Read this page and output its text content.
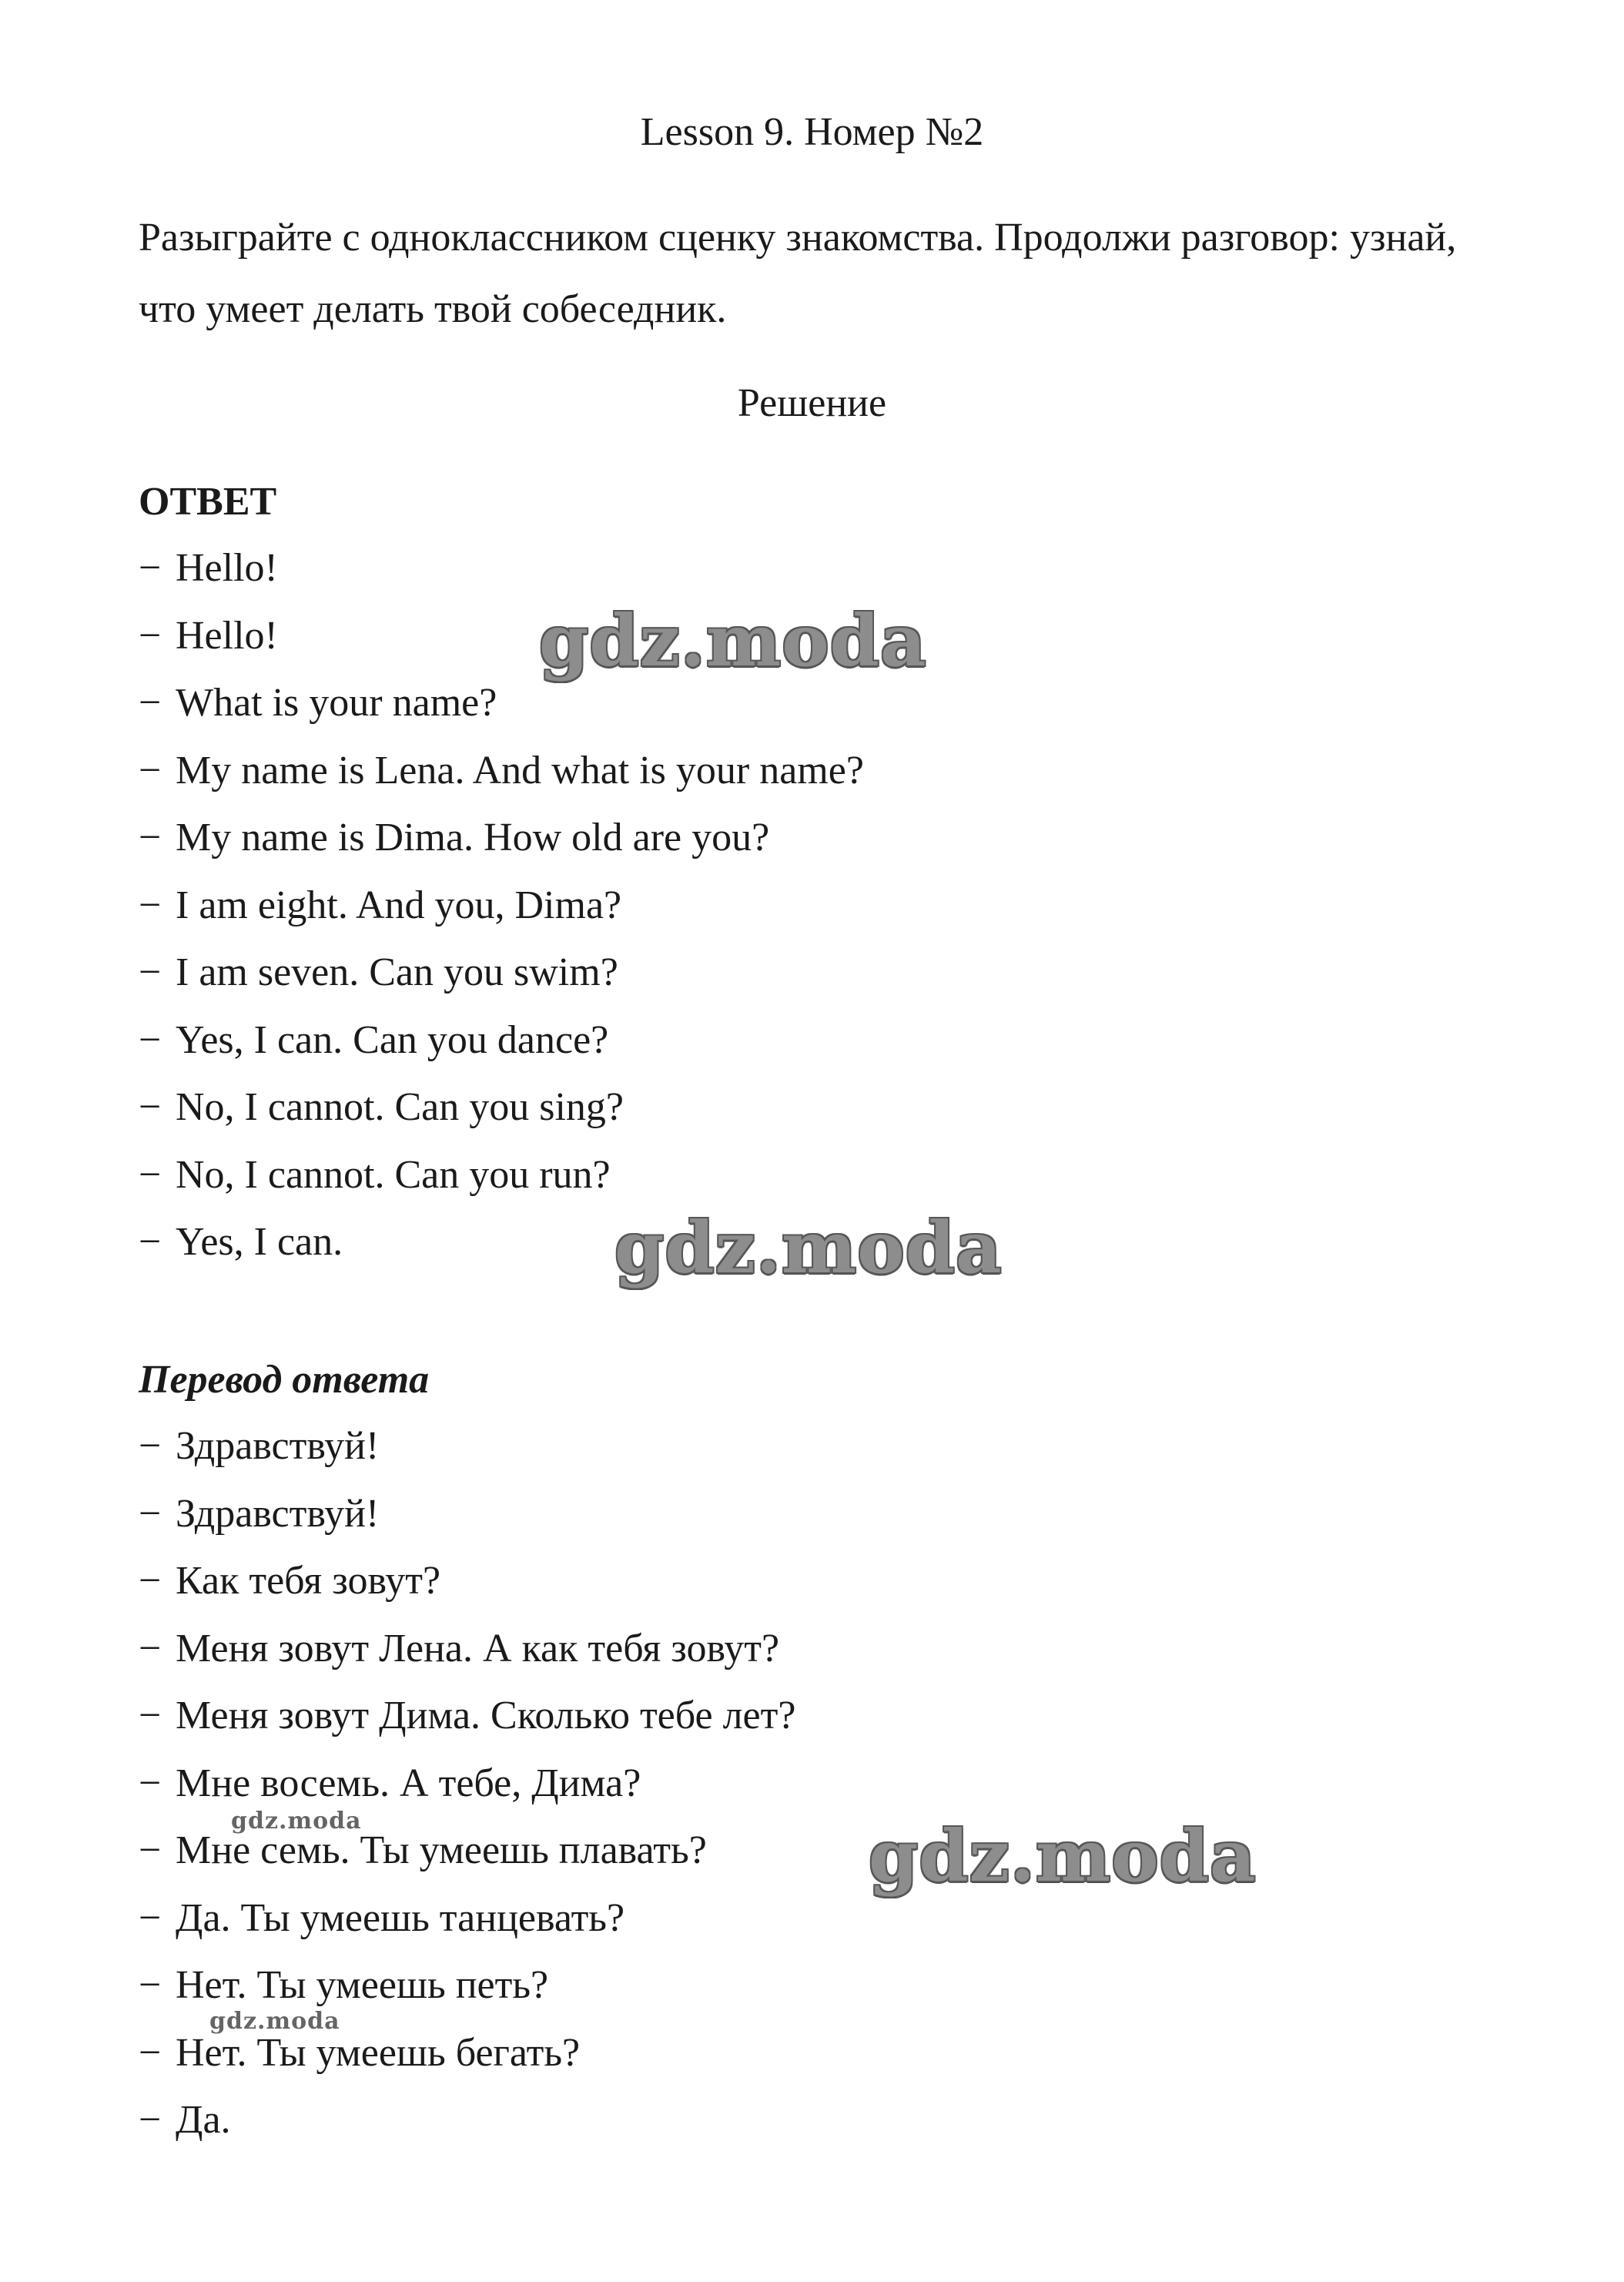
Lesson 9. Номер №2
Разыграйте с одноклассником сценку знакомства. Продолжи разговор: узнай, что умеет делать твой собеседник.
Решение
ОТВЕТ
− Hello!
− Hello!
− What is your name?
− My name is Lena. And what is your name?
− My name is Dima. How old are you?
− I am eight. And you, Dima?
− I am seven. Can you swim?
− Yes, I can. Can you dance?
− No, I cannot. Can you sing?
− No, I cannot. Can you run?
− Yes, I can.
Перевод ответа
− Здравствуй!
− Здравствуй!
− Как тебя зовут?
− Меня зовут Лена. А как тебя зовут?
− Меня зовут Дима. Сколько тебе лет?
− Мне восемь. А тебе, Дима?
− Мне семь. Ты умеешь плавать?
− Да. Ты умеешь танцевать?
− Нет. Ты умеешь петь?
− Нет. Ты умеешь бегать?
− Да.
gdz.moda
gdz.moda
gdz.moda
gdz.moda
gdz.moda
